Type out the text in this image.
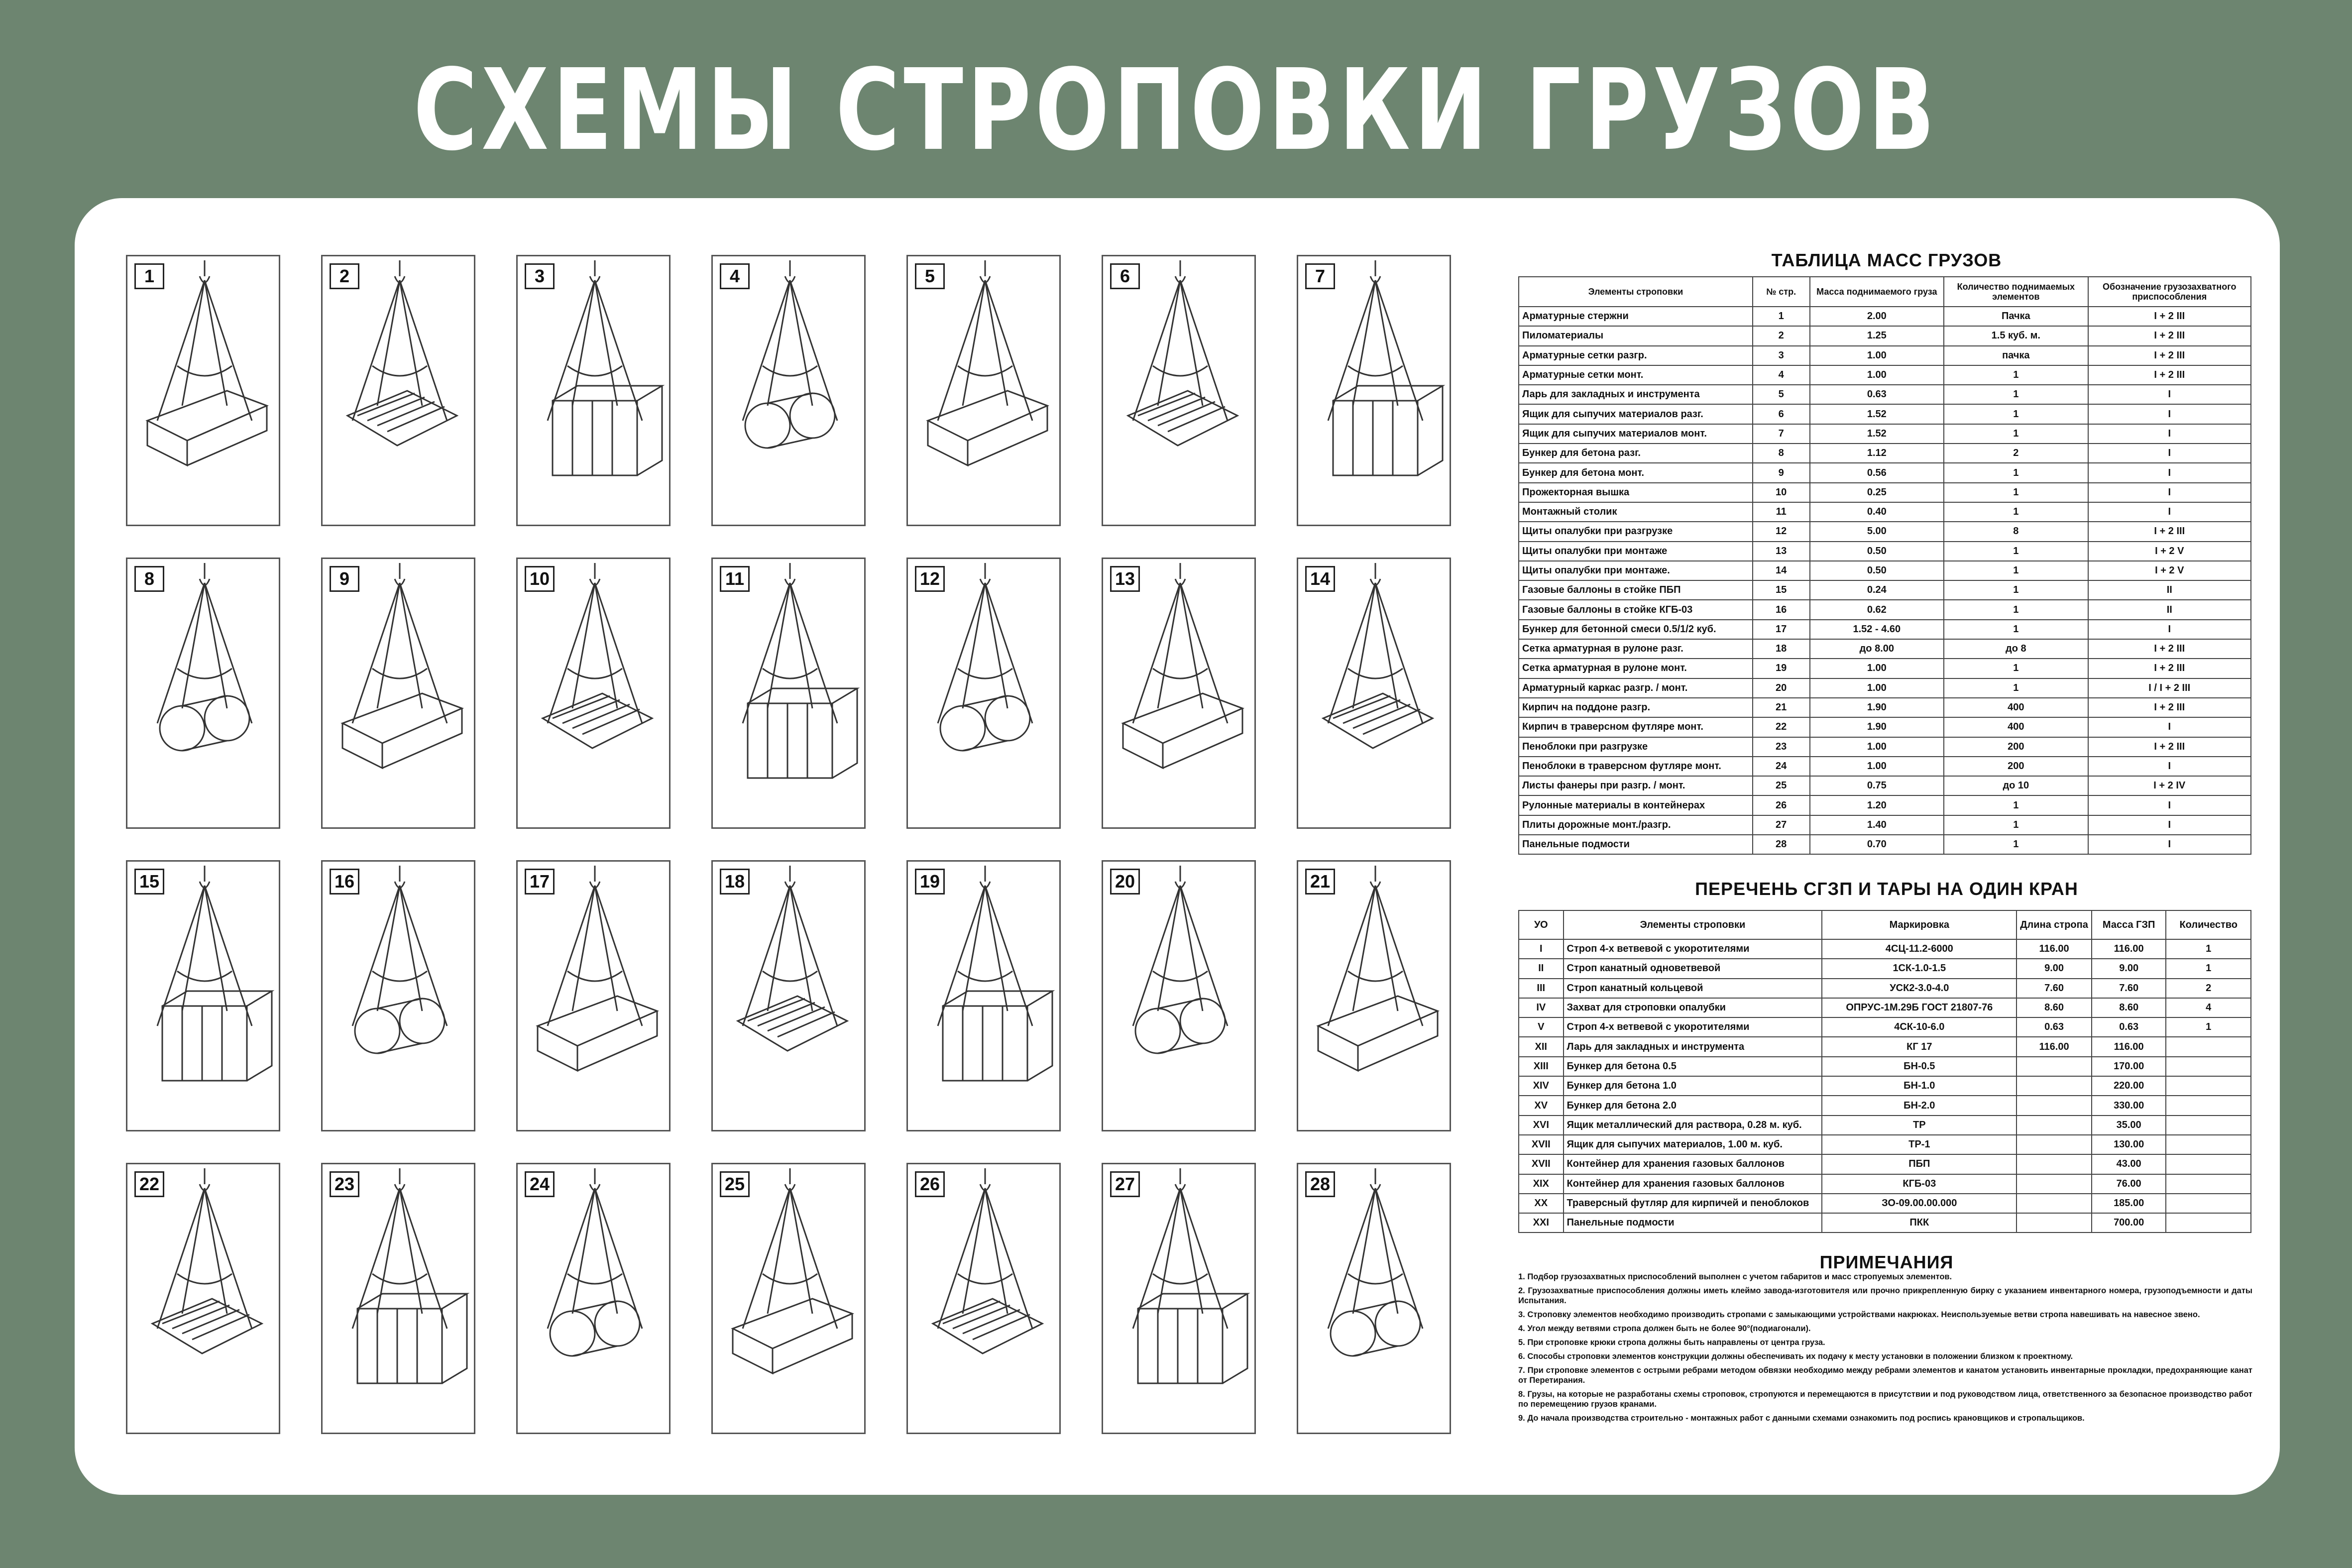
СХЕМЫ СТРОПОВКИ ГРУЗОВ
1	2	3	4	5	6	7
8	9	10	11	12	13	14
15	16	17	18	19	20	21
22	23	24	25	26	27	28
ТАБЛИЦА МАСС ГРУЗОВ
Элементы строповки	№ стр.	Масса поднимаемого груза	Количество поднимаемых элементов	Обозначение грузозахватного приспособления
Арматурные стержни	1	2.00	Пачка	I + 2 III
Пиломатериалы	2	1.25	1.5 куб. м.	I + 2 III
Арматурные сетки разгр.	3	1.00	пачка	I + 2 III
Арматурные сетки монт.	4	1.00	1	I + 2 III
Ларь для закладных и инструмента	5	0.63	1	I
Ящик для сыпучих материалов разг.	6	1.52	1	I
Ящик для сыпучих материалов монт.	7	1.52	1	I
Бункер для бетона разг.	8	1.12	2	I
Бункер для бетона монт.	9	0.56	1	I
Прожекторная вышка	10	0.25	1	I
Монтажный столик	11	0.40	1	I
Щиты опалубки при разгрузке	12	5.00	8	I + 2 III
Щиты опалубки при монтаже	13	0.50	1	I + 2 V
Щиты опалубки при монтаже.	14	0.50	1	I + 2 V
Газовые баллоны в стойке ПБП	15	0.24	1	II
Газовые баллоны в стойке КГБ-03	16	0.62	1	II
Бункер для бетонной смеси 0.5/1/2 куб.	17	1.52 - 4.60	1	I
Сетка арматурная в рулоне разг.	18	до 8.00	до 8	I + 2 III
Сетка арматурная в рулоне монт.	19	1.00	1	I + 2 III
Арматурный каркас разгр. / монт.	20	1.00	1	I / I + 2 III
Кирпич на поддоне разгр.	21	1.90	400	I + 2 III
Кирпич в траверсном футляре монт.	22	1.90	400	I
Пеноблоки при разгрузке	23	1.00	200	I + 2 III
Пеноблоки в траверсном футляре монт.	24	1.00	200	I
Листы фанеры при разгр. / монт.	25	0.75	до 10	I + 2 IV
Рулонные материалы в контейнерах	26	1.20	1	I
Плиты дорожные монт./разгр.	27	1.40	1	I
Панельные подмости	28	0.70	1	I
ПЕРЕЧЕНЬ СГЗП И ТАРЫ НА ОДИН КРАН
УО	Элементы строповки	Маркировка	Длина стропа	Масса ГЗП	Количество
I	Строп 4-х ветвевой с укоротителями	4СЦ-11.2-6000	116.00	116.00	1
II	Строп канатный одноветвевой	1СК-1.0-1.5	9.00	9.00	1
III	Строп канатный кольцевой	УСК2-3.0-4.0	7.60	7.60	2
IV	Захват для строповки опалубки	ОПРУС-1М.29Б ГОСТ 21807-76	8.60	8.60	4
V	Строп 4-х ветвевой с укоротителями	4СК-10-6.0	0.63	0.63	1
XII	Ларь для закладных и инструмента	КГ 17	116.00	116.00	
XIII	Бункер для бетона 0.5	БН-0.5		170.00	
XIV	Бункер для бетона 1.0	БН-1.0		220.00	
XV	Бункер для бетона 2.0	БН-2.0		330.00	
XVI	Ящик металлический для раствора, 0.28 м. куб.	ТР		35.00	
XVII	Ящик для сыпучих материалов, 1.00 м. куб.	ТР-1		130.00	
XVII	Контейнер для хранения газовых баллонов	ПБП		43.00	
XIX	Контейнер для хранения газовых баллонов	КГБ-03		76.00	
XX	Траверсный футляр для кирпичей и пеноблоков	ЗО-09.00.00.000		185.00	
XXI	Панельные подмости	ПКК		700.00	
ПРИМЕЧАНИЯ

1. Подбор грузозахватных приспособлений выполнен с учетом габаритов и масс стропуемых элементов.

2. Грузозахватные приспособления должны иметь клеймо завода-изготовителя или прочно прикрепленную бирку с указанием инвентарного номера, грузоподъемности и даты Испытания.

3. Строповку элементов необходимо производить стропами с замыкающими устройствами накрюках. Неиспользуемые ветви стропа навешивать на навесное звено.

4. Угол между ветвями стропа должен быть не более 90°(подиагонали).

5. При строповке крюки стропа должны быть направлены от центра груза.

6. Способы строповки элементов конструкции должны обеспечивать их подачу к месту установки в положении близком к проектному.

7. При строповке элементов с острыми ребрами методом обвязки необходимо между ребрами элементов и канатом установить инвентарные прокладки, предохраняющие канат от Перетирания.

8. Грузы, на которые не разработаны схемы строповок, стропуются и перемещаются в присутствии и под руководством лица, ответственного за безопасное производство работ по перемещению грузов кранами.

9. До начала производства строительно - монтажных работ с данными схемами ознакомить под роспись крановщиков и стропальщиков.
